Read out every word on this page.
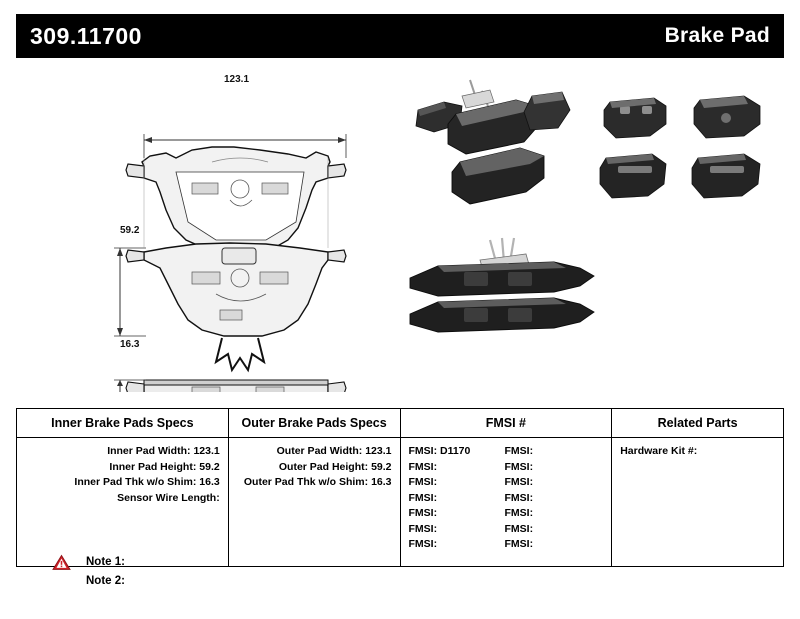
309.11700	Brake Pad
123.1
59.2
16.3
Inner Brake Pads Specs	Outer Brake Pads Specs	FMSI #	Related Parts
Inner Pad Width: 123.1
Inner Pad Height: 59.2
Inner Pad Thk w/o Shim: 16.3
Sensor Wire Length:
Outer Pad Width: 123.1
Outer Pad Height: 59.2
Outer Pad Thk w/o Shim: 16.3
FMSI: D1170	FMSI:
FMSI:	FMSI:
FMSI:	FMSI:
FMSI:	FMSI:
FMSI:	FMSI:
FMSI:	FMSI:
FMSI:	FMSI:
Hardware Kit #:
Note 1:
Note 2:
